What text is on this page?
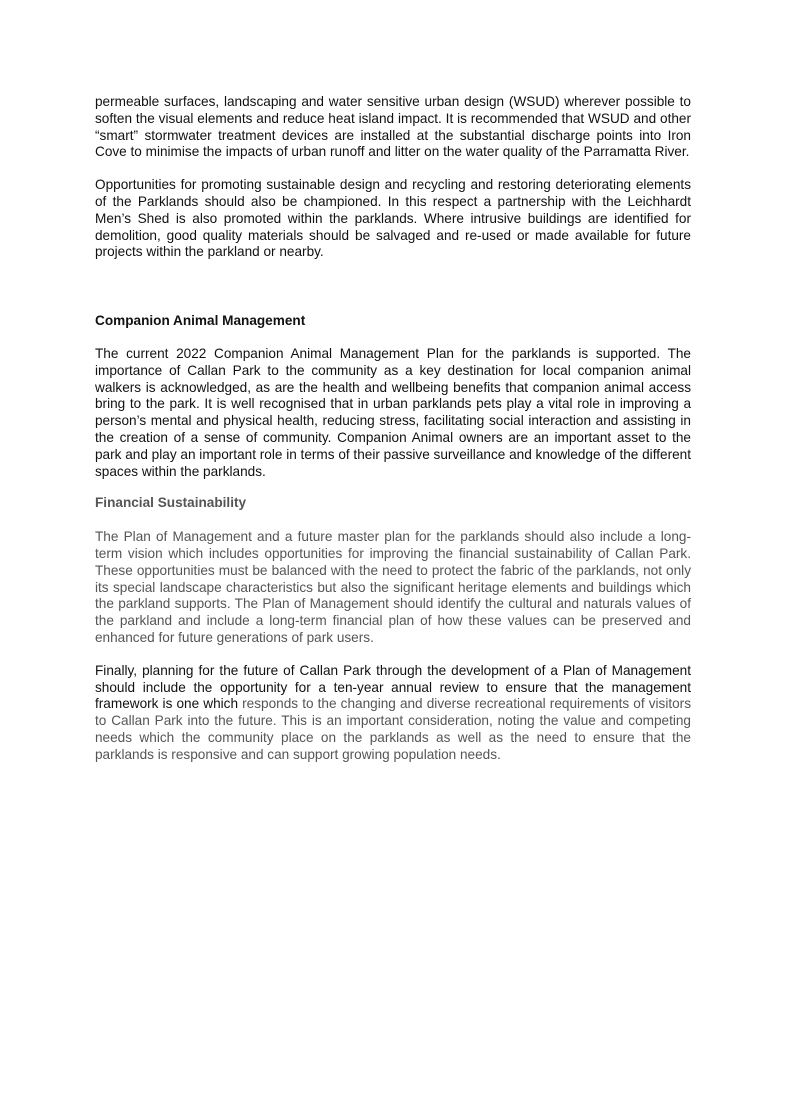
permeable surfaces, landscaping and water sensitive urban design (WSUD) wherever possible to soften the visual elements and reduce heat island impact. It is recommended that WSUD and other “smart” stormwater treatment devices are installed at the substantial discharge points into Iron Cove to minimise the impacts of urban runoff and litter on the water quality of the Parramatta River.

Opportunities for promoting sustainable design and recycling and restoring deteriorating elements of the Parklands should also be championed. In this respect a partnership with the Leichhardt Men’s Shed is also promoted within the parklands. Where intrusive buildings are identified for demolition, good quality materials should be salvaged and re-used or made available for future projects within the parkland or nearby.

Companion Animal Management

The current 2022 Companion Animal Management Plan for the parklands is supported. The importance of Callan Park to the community as a key destination for local companion animal walkers is acknowledged, as are the health and wellbeing benefits that companion animal access bring to the park. It is well recognised that in urban parklands pets play a vital role in improving a person’s mental and physical health, reducing stress, facilitating social interaction and assisting in the creation of a sense of community. Companion Animal owners are an important asset to the park and play an important role in terms of their passive surveillance and knowledge of the different spaces within the parklands.

Financial Sustainability

The Plan of Management and a future master plan for the parklands should also include a long-term vision which includes opportunities for improving the financial sustainability of Callan Park. These opportunities must be balanced with the need to protect the fabric of the parklands, not only its special landscape characteristics but also the significant heritage elements and buildings which the parkland supports. The Plan of Management should identify the cultural and naturals values of the parkland and include a long-term financial plan of how these values can be preserved and enhanced for future generations of park users.

Finally, planning for the future of Callan Park through the development of a Plan of Management should include the opportunity for a ten-year annual review to ensure that the management framework is one which responds to the changing and diverse recreational requirements of visitors to Callan Park into the future. This is an important consideration, noting the value and competing needs which the community place on the parklands as well as the need to ensure that the parklands is responsive and can support growing population needs.
